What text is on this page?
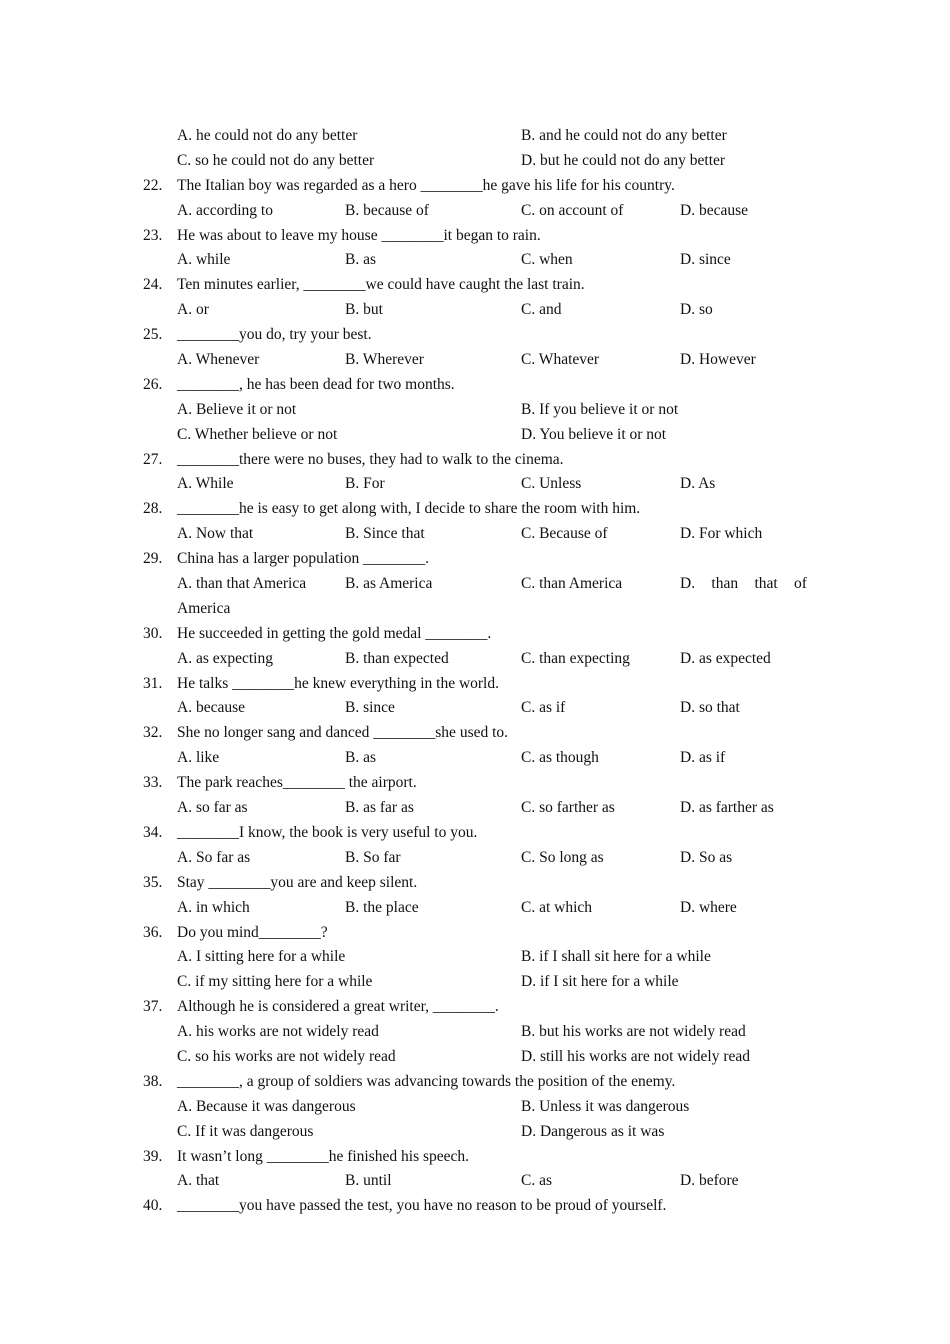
A. he could not do any better	B. and he could not do any better
C. so he could not do any better	D. but he could not do any better
22. The Italian boy was regarded as a hero ________he gave his life for his country.
A. according to	B. because of	C. on account of	D. because
23. He was about to leave my house ________it began to rain.
A. while	B. as	C. when	D. since
24. Ten minutes earlier, ________we could have caught the last train.
A. or	B. but	C. and	D. so
25. ________you do, try your best.
A. Whenever	B. Wherever	C. Whatever	D. However
26. ________, he has been dead for two months.
A. Believe it or not	B. If you believe it or not
C. Whether believe or not	D. You believe it or not
27. ________there were no buses, they had to walk to the cinema.
A. While	B. For	C. Unless	D. As
28. ________he is easy to get along with, I decide to share the room with him.
A. Now that	B. Since that	C. Because of	D. For which
29. China has a larger population ________.
A. than that America	B. as America	C. than America	D. than that of
America
30. He succeeded in getting the gold medal ________.
A. as expecting	B. than expected	C. than expecting	D. as expected
31. He talks ________he knew everything in the world.
A. because	B. since	C. as if	D. so that
32. She no longer sang and danced ________she used to.
A. like	B. as	C. as though	D. as if
33. The park reaches________ the airport.
A. so far as	B. as far as	C. so farther as	D. as farther as
34. ________I know, the book is very useful to you.
A. So far as	B. So far	C. So long as	D. So as
35. Stay ________you are and keep silent.
A. in which	B. the place	C. at which	D. where
36. Do you mind________?
A. I sitting here for a while	B. if I shall sit here for a while
C. if my sitting here for a while	D. if I sit here for a while
37. Although he is considered a great writer, ________.
A. his works are not widely read	B. but his works are not widely read
C. so his works are not widely read	D. still his works are not widely read
38. ________, a group of soldiers was advancing towards the position of the enemy.
A. Because it was dangerous	B. Unless it was dangerous
C. If it was dangerous	D. Dangerous as it was
39. It wasn’t long ________he finished his speech.
A. that	B. until	C. as	D. before
40. ________you have passed the test, you have no reason to be proud of yourself.
